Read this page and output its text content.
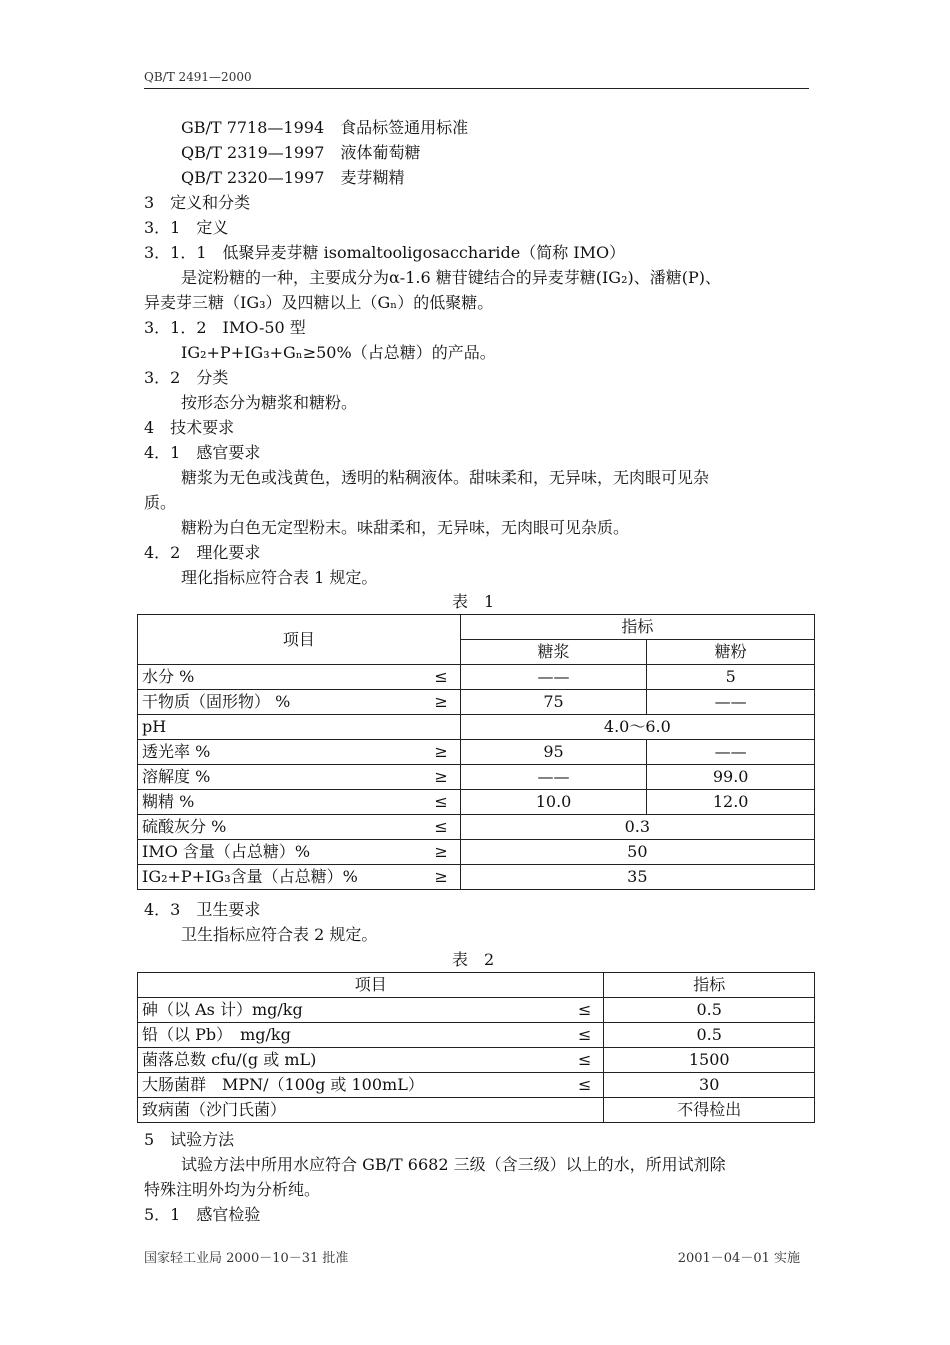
QB/T 2491—2000
GB/T 7718—1994　食品标签通用标准
QB/T 2319—1997　液体葡萄糖
QB/T 2320—1997　麦芽糊精
3　定义和分类
3．1　定义
3．1．1　低聚异麦芽糖 isomaltooligosaccharide（简称 IMO）
是淀粉糖的一种，主要成分为α-1.6 糖苷键结合的异麦芽糖(IG₂)、潘糖(P)、
异麦芽三糖（IG₃）及四糖以上（Gₙ）的低聚糖。
3．1．2　IMO-50 型
IG₂+P+IG₃+Gₙ≥50%（占总糖）的产品。
3．2　分类
按形态分为糖浆和糖粉。
4　技术要求
4．1　感官要求
糖浆为无色或浅黄色，透明的粘稠液体。甜味柔和，无异味，无肉眼可见杂
质。
糖粉为白色无定型粉末。味甜柔和，无异味，无肉眼可见杂质。
4．2　理化要求
理化指标应符合表 1 规定。
表　1
项目	指标	
	糖浆	糖粉
水分 % ≤	——	5
干物质（固形物） % ≥	75	——
pH	4.0～6.0	
透光率 % ≥	95	——
溶解度 % ≥	——	99.0
糊精 % ≤	10.0	12.0
硫酸灰分 % ≤	0.3	
IMO 含量（占总糖）% ≥	50	
IG₂+P+IG₃含量（占总糖）% ≥	35	
4．3　卫生要求
卫生指标应符合表 2 规定。
表　2
项目	指标
砷（以 As 计）mg/kg ≤	0.5
铅（以 Pb）　mg/kg ≤	0.5
菌落总数 cfu/(g 或 mL) ≤	1500
大肠菌群　MPN/（100g 或 100mL） ≤	30
致病菌（沙门氏菌）	不得检出
5　试验方法
试验方法中所用水应符合 GB/T 6682 三级（含三级）以上的水，所用试剂除
特殊注明外均为分析纯。
5．1　感官检验
国家轻工业局 2000－10－31 批准	2001－04－01 实施
